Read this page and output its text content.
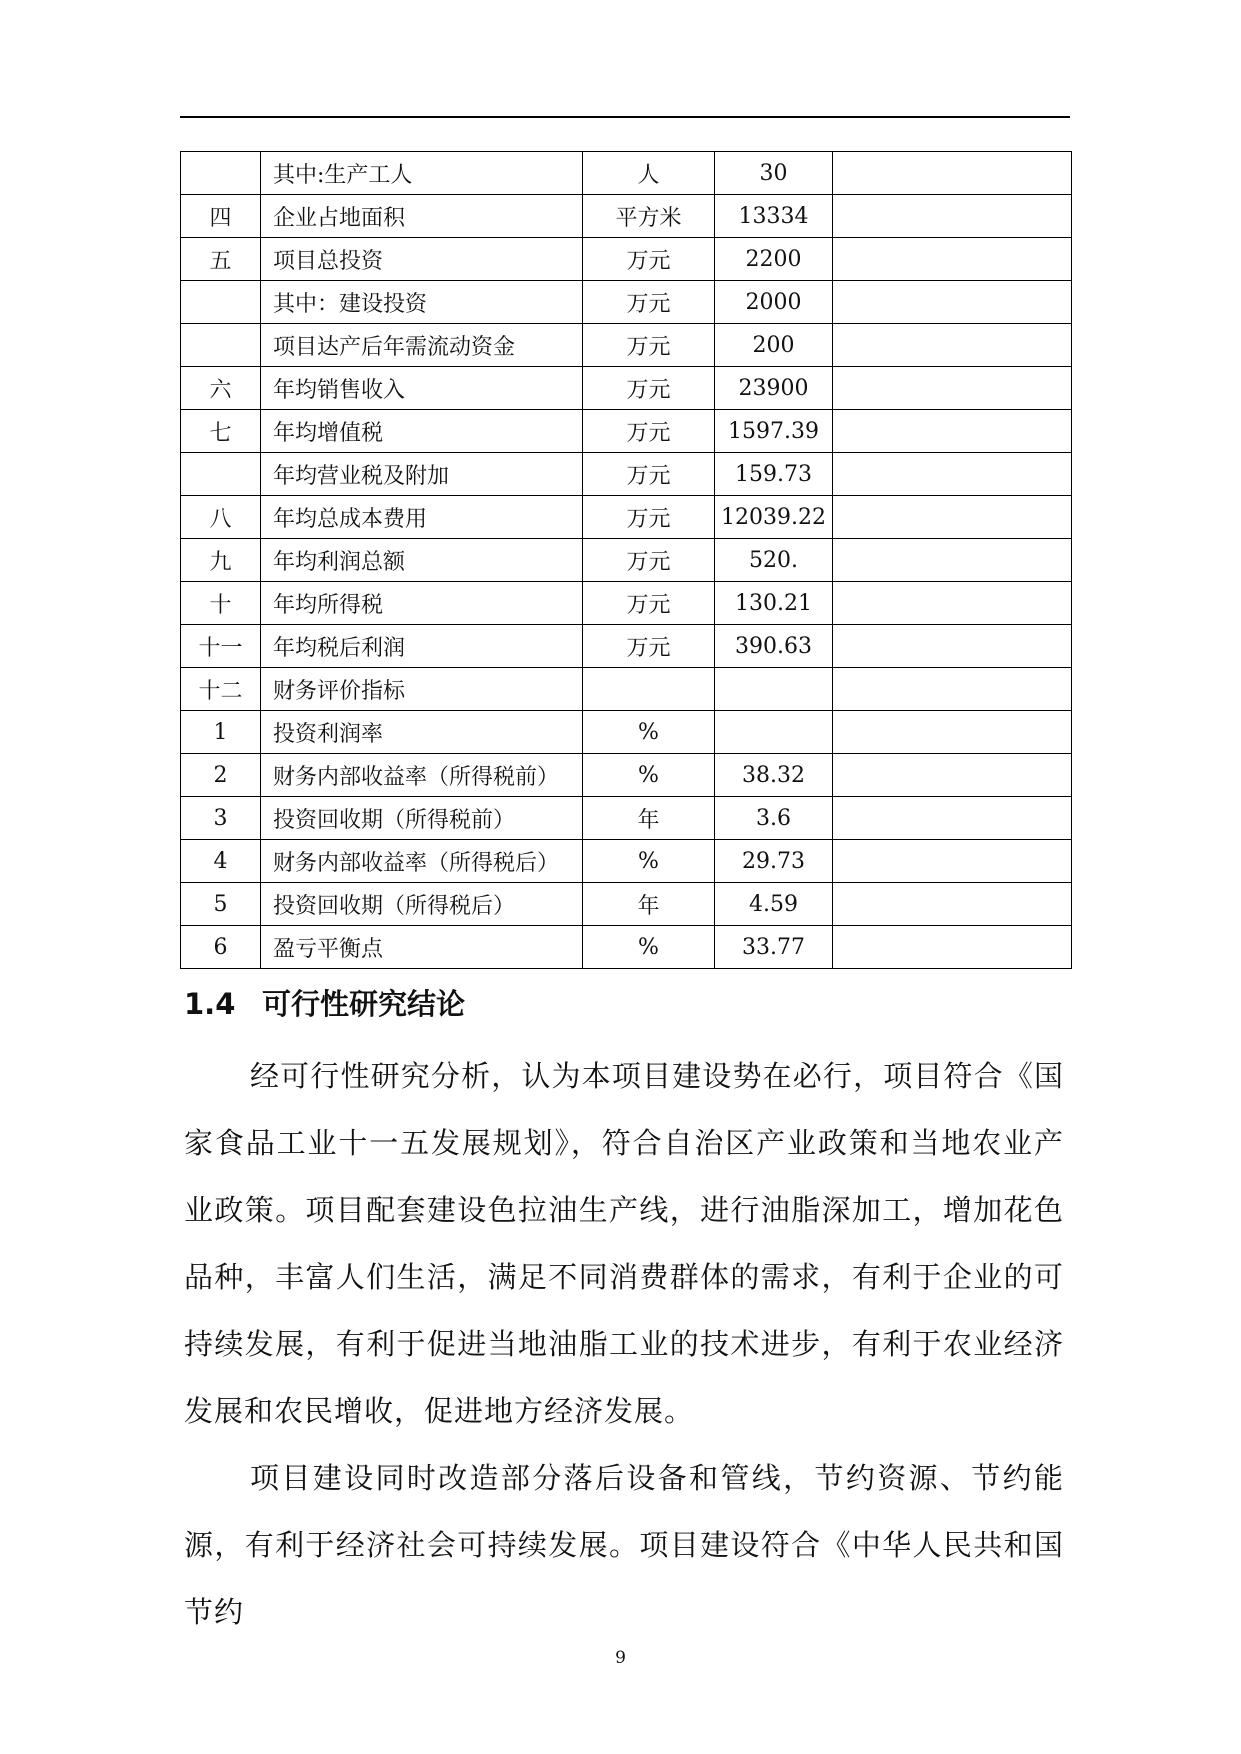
	其中:生产工人	人	30	
四	企业占地面积	平方米	13334	
五	项目总投资	万元	2200	
	其中：建设投资	万元	2000	
	项目达产后年需流动资金	万元	200	
六	年均销售收入	万元	23900	
七	年均增值税	万元	1597.39	
	年均营业税及附加	万元	159.73	
八	年均总成本费用	万元	12039.22	
九	年均利润总额	万元	520.	
十	年均所得税	万元	130.21	
十一	年均税后利润	万元	390.63	
十二	财务评价指标			
1	投资利润率	%		
2	财务内部收益率（所得税前）	%	38.32	
3	投资回收期（所得税前）	年	3.6	
4	财务内部收益率（所得税后）	%	29.73	
5	投资回收期（所得税后）	年	4.59	
6	盈亏平衡点	%	33.77	
1.4 可行性研究结论

经可行性研究分析，认为本项目建设势在必行，项目符合《国家食品工业十一五发展规划》，符合自治区产业政策和当地农业产业政策。项目配套建设色拉油生产线，进行油脂深加工，增加花色品种，丰富人们生活，满足不同消费群体的需求，有利于企业的可持续发展，有利于促进当地油脂工业的技术进步，有利于农业经济发展和农民增收，促进地方经济发展。

项目建设同时改造部分落后设备和管线，节约资源、节约能源，有利于经济社会可持续发展。项目建设符合《中华人民共和国节约

9
